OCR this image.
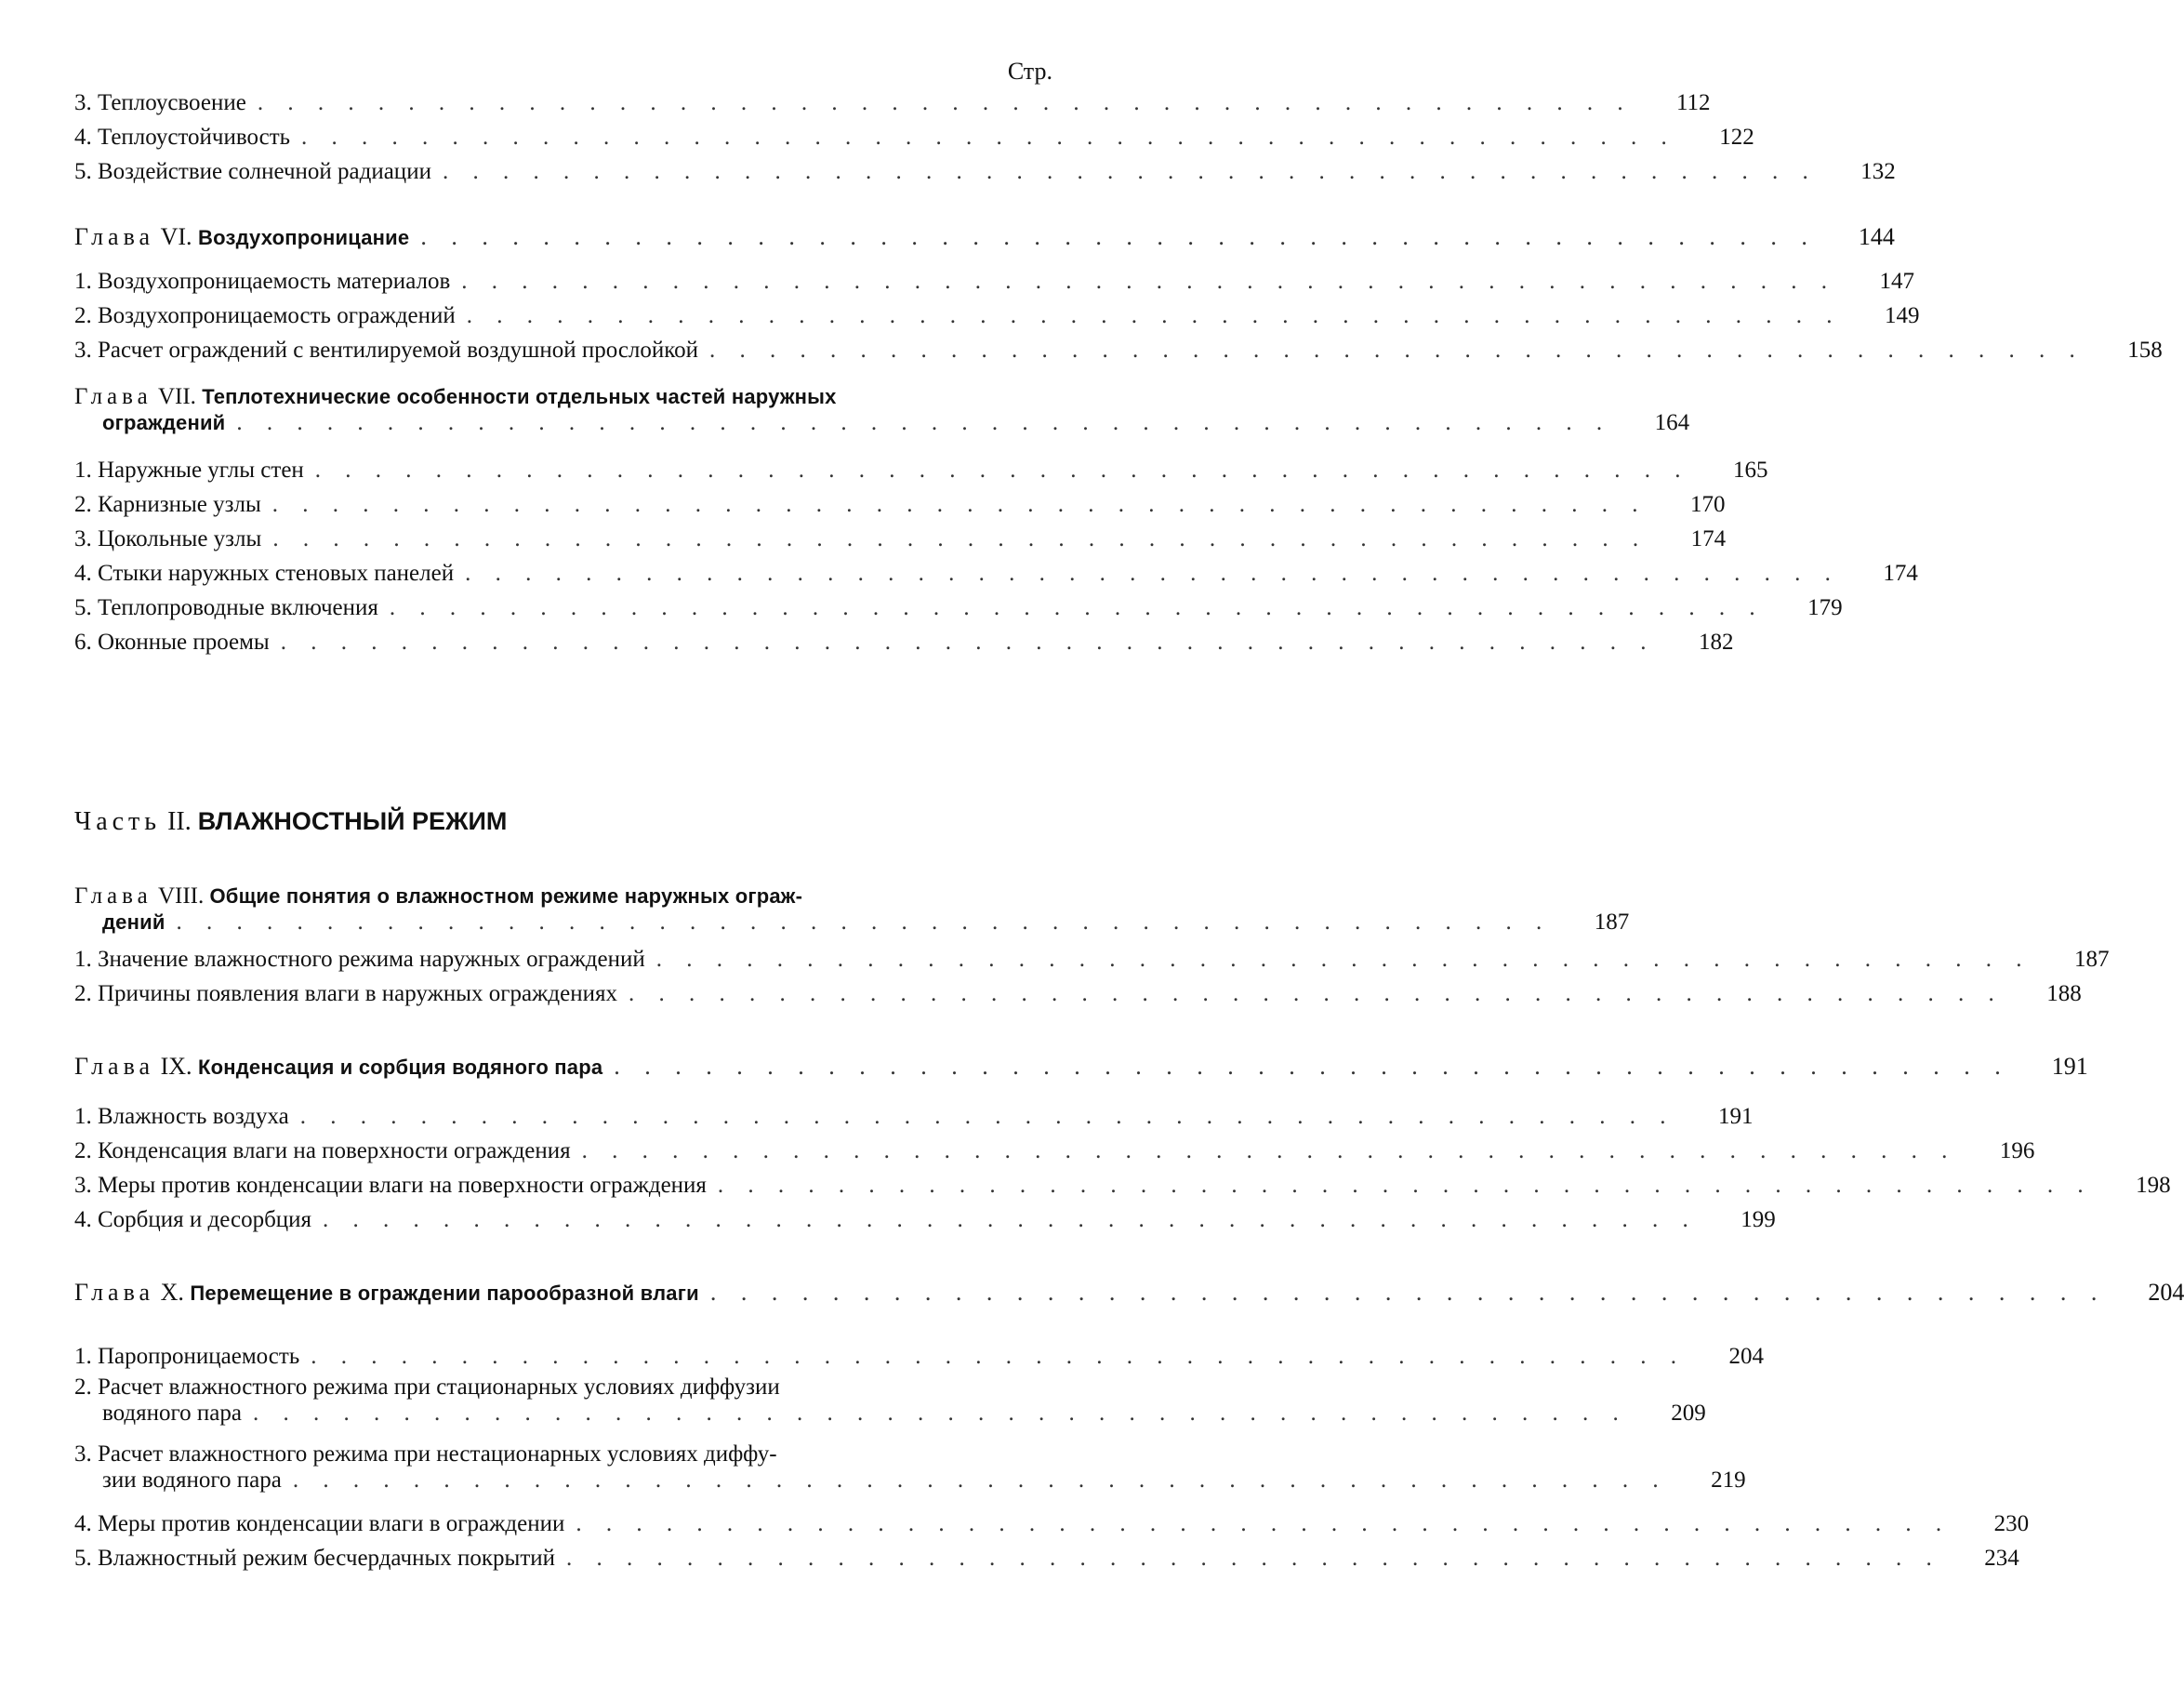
Стр.
3. Теплоусвоение . . . . . . . . . . . . . . . . . . . . . . . . . . . . . . . . . . . . . . . . . . . . . .	112
4. Теплоустойчивость . . . . . . . . . . . . . . . . . . . . . . . . . . . . . . . . . . . . . . . . . . . . . .	122
5. Воздействие солнечной радиации . . . . . . . . . . . . . . . . . . . . . . . . . . . . . . . . . . . . . . . . . . . . . .	132
Глава VI. Воздухопроницание . . . . . . . . . . . . . . . . . . . . . . . . . . . . . . . . . . . . . . . . . . . . . .	144
1. Воздухопроницаемость материалов . . . . . . . . . . . . . . . . . . . . . . . . . . . . . . . . . . . . . . . . . . . . . .	147
2. Воздухопроницаемость ограждений . . . . . . . . . . . . . . . . . . . . . . . . . . . . . . . . . . . . . . . . . . . . . .	149
3. Расчет ограждений с вентилируемой воздушной прослойкой . . . . . . . . . . . . . . . . . . . . . . . . . . . . . . . . . . . . . . . . . . . . . .	158
Глава VII. Теплотехнические особенности отдельных частей наружных
ограждений . . . . . . . . . . . . . . . . . . . . . . . . . . . . . . . . . . . . . . . . . . . . . .	164
1. Наружные углы стен . . . . . . . . . . . . . . . . . . . . . . . . . . . . . . . . . . . . . . . . . . . . . .	165
2. Карнизные узлы . . . . . . . . . . . . . . . . . . . . . . . . . . . . . . . . . . . . . . . . . . . . . .	170
3. Цокольные узлы . . . . . . . . . . . . . . . . . . . . . . . . . . . . . . . . . . . . . . . . . . . . . .	174
4. Стыки наружных стеновых панелей . . . . . . . . . . . . . . . . . . . . . . . . . . . . . . . . . . . . . . . . . . . . . .	174
5. Теплопроводные включения . . . . . . . . . . . . . . . . . . . . . . . . . . . . . . . . . . . . . . . . . . . . . .	179
6. Оконные проемы . . . . . . . . . . . . . . . . . . . . . . . . . . . . . . . . . . . . . . . . . . . . . .	182
Часть II. ВЛАЖНОСТНЫЙ РЕЖИМ
Глава VIII. Общие понятия о влажностном режиме наружных ограж-
дений . . . . . . . . . . . . . . . . . . . . . . . . . . . . . . . . . . . . . . . . . . . . . .	187
1. Значение влажностного режима наружных ограждений . . . . . . . . . . . . . . . . . . . . . . . . . . . . . . . . . . . . . . . . . . . . . .	187
2. Причины появления влаги в наружных ограждениях . . . . . . . . . . . . . . . . . . . . . . . . . . . . . . . . . . . . . . . . . . . . . .	188
Глава IX. Конденсация и сорбция водяного пара . . . . . . . . . . . . . . . . . . . . . . . . . . . . . . . . . . . . . . . . . . . . . .	191
1. Влажность воздуха . . . . . . . . . . . . . . . . . . . . . . . . . . . . . . . . . . . . . . . . . . . . . .	191
2. Конденсация влаги на поверхности ограждения . . . . . . . . . . . . . . . . . . . . . . . . . . . . . . . . . . . . . . . . . . . . . .	196
3. Меры против конденсации влаги на поверхности ограждения . . . . . . . . . . . . . . . . . . . . . . . . . . . . . . . . . . . . . . . . . . . . . .	198
4. Сорбция и десорбция . . . . . . . . . . . . . . . . . . . . . . . . . . . . . . . . . . . . . . . . . . . . . .	199
Глава X. Перемещение в ограждении парообразной влаги . . . . . . . . . . . . . . . . . . . . . . . . . . . . . . . . . . . . . . . . . . . . . .	204
1. Паропроницаемость . . . . . . . . . . . . . . . . . . . . . . . . . . . . . . . . . . . . . . . . . . . . . .	204
2. Расчет влажностного режима при стационарных условиях диффузии
водяного пара . . . . . . . . . . . . . . . . . . . . . . . . . . . . . . . . . . . . . . . . . . . . . .	209
3. Расчет влажностного режима при нестационарных условиях диффу-
зии водяного пара . . . . . . . . . . . . . . . . . . . . . . . . . . . . . . . . . . . . . . . . . . . . . .	219
4. Меры против конденсации влаги в ограждении . . . . . . . . . . . . . . . . . . . . . . . . . . . . . . . . . . . . . . . . . . . . . .	230
5. Влажностный режим бесчердачных покрытий . . . . . . . . . . . . . . . . . . . . . . . . . . . . . . . . . . . . . . . . . . . . . .	234
